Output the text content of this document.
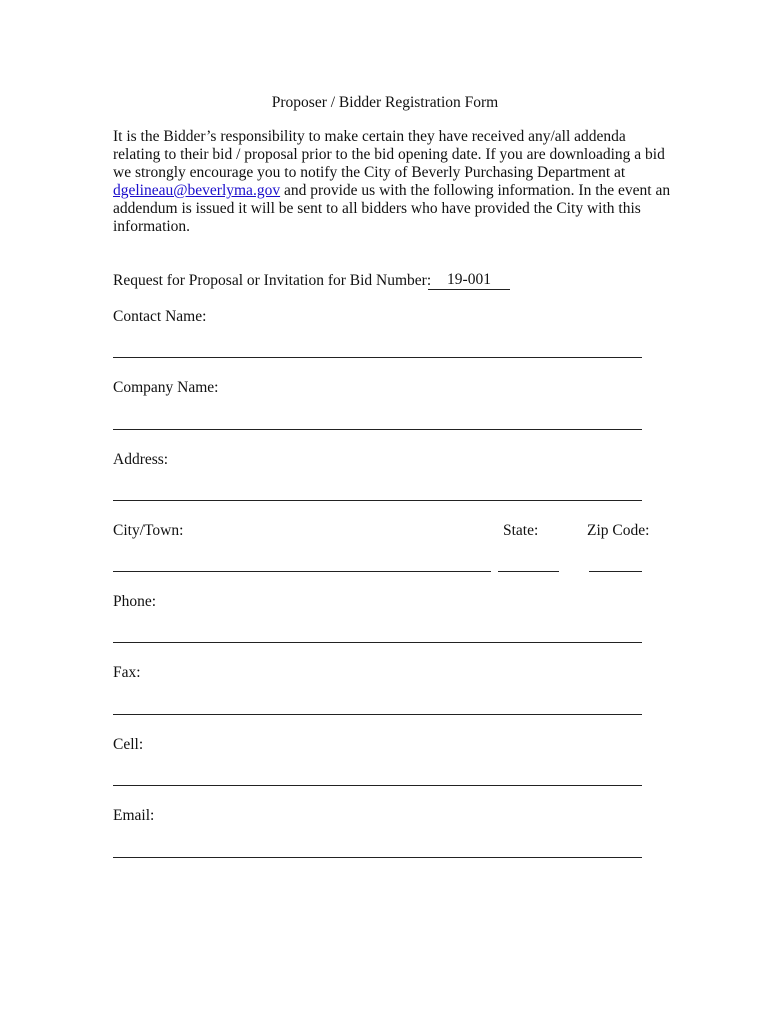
Proposer / Bidder Registration Form
It is the Bidder’s responsibility to make certain they have received any/all addenda
relating to their bid / proposal prior to the bid opening date. If you are downloading a bid
we strongly encourage you to notify the City of Beverly Purchasing Department at
dgelineau@beverlyma.gov and provide us with the following information. In the event an
addendum is issued it will be sent to all bidders who have provided the City with this
information.
Request for Proposal or Invitation for Bid Number:	19-001
Contact Name:
Company Name:
Address:
City/Town:	State:	Zip Code:
Phone:
Fax:
Cell:
Email:
